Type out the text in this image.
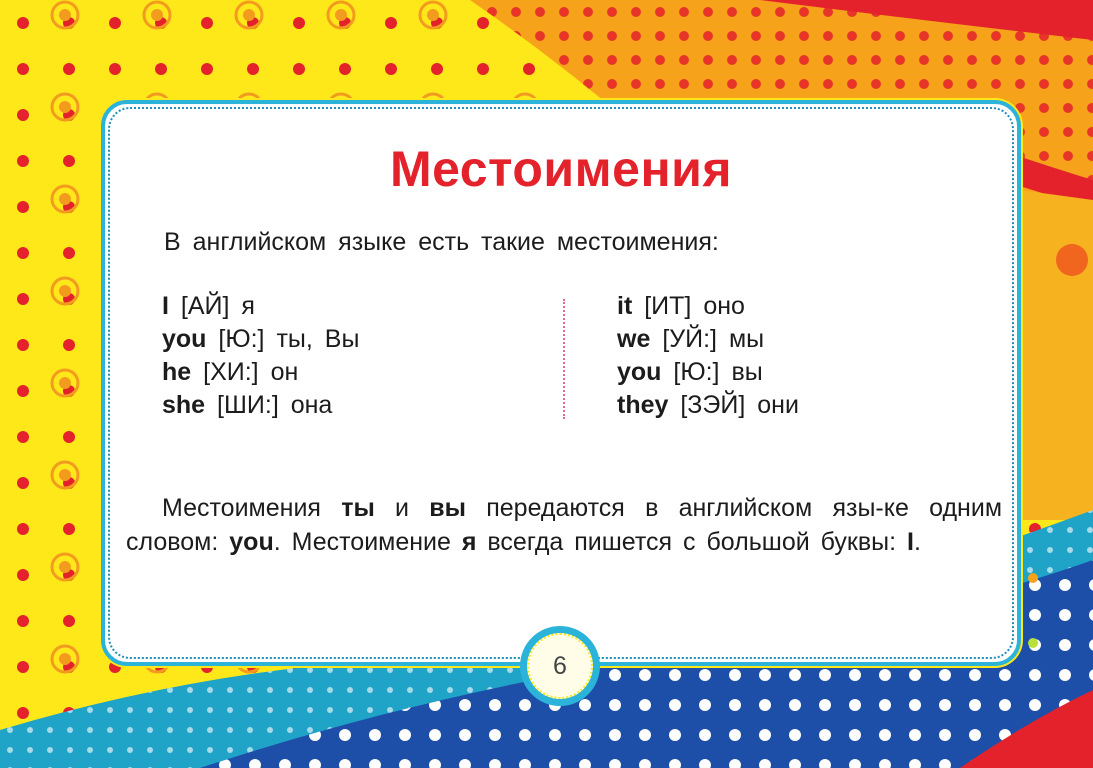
Местоимения
В английском языке есть такие местоимения:
I [АЙ] я
you [Ю:] ты, Вы
he [ХИ:] он
she [ШИ:] она
it [ИТ] оно
we [УЙ:] мы
you [Ю:] вы
they [ЗЭЙ] они
Местоимения ты и вы передаются в английском язы-ке одним словом: you. Местоимение я всегда пишется с большой буквы: I.
6
